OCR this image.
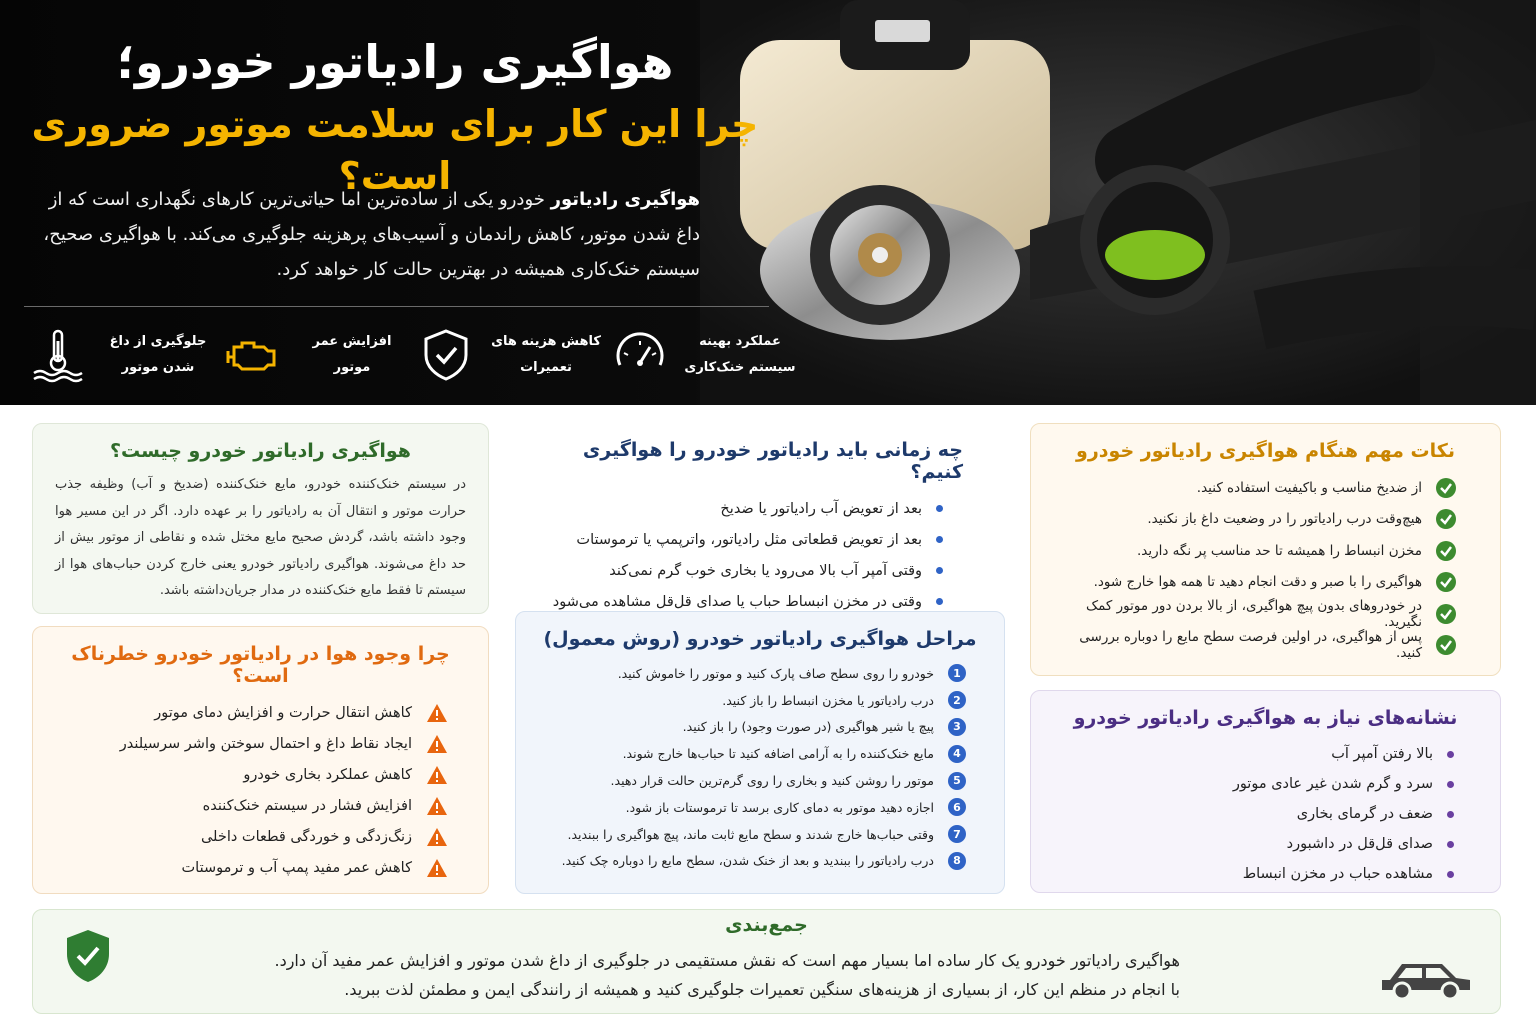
هواگیری رادیاتور خودرو؛
چرا این کار برای سلامت موتور ضروری است؟
هواگیری رادیاتور خودرو یکی از ساده‌ترین اما حیاتی‌ترین کارهای نگهداری است که از داغ شدن موتور، کاهش راندمان و آسیب‌های پرهزینه جلوگیری می‌کند. با هواگیری صحیح، سیستم خنک‌کاری همیشه در بهترین حالت کار خواهد کرد.
عملکرد بهینه سیستم خنک‌کاری
کاهش هزینه های تعمیرات
افزایش عمر موتور
جلوگیری از داغ شدن موتور
هواگیری رادیاتور خودرو چیست؟

در سیستم خنک‌کننده خودرو، مایع خنک‌کننده (ضدیخ و آب) وظیفه جذب حرارت موتور و انتقال آن به رادیاتور را بر عهده دارد. اگر در این مسیر هوا وجود داشته باشد، گردش صحیح مایع مختل شده و نقاطی از موتور بیش از حد داغ می‌شوند. هواگیری رادیاتور خودرو یعنی خارج کردن حباب‌های هوا از سیستم تا فقط مایع خنک‌کننده در مدار جریان‌داشته باشد.

چرا وجود هوا در رادیاتور خودرو خطرناک است؟
کاهش انتقال حرارت و افزایش دمای موتور
ایجاد نقاط داغ و احتمال سوختن واشر سرسیلندر
کاهش عملکرد بخاری خودرو
افزایش فشار در سیستم خنک‌کننده
زنگ‌زدگی و خوردگی قطعات داخلی
کاهش عمر مفید پمپ آب و ترموستات
چه زمانی باید رادیاتور خودرو را هواگیری کنیم؟
بعد از تعویض آب رادیاتور یا ضدیخ
بعد از تعویض قطعاتی مثل رادیاتور، واترپمپ یا ترموستات
وقتی آمپر آب بالا می‌رود یا بخاری خوب گرم نمی‌کند
وقتی در مخزن انبساط حباب یا صدای قل‌قل مشاهده می‌شود
مراحل هواگیری رادیاتور خودرو (روش معمول)
1
خودرو را روی سطح صاف پارک کنید و موتور را خاموش کنید.
2
درب رادیاتور یا مخزن انبساط را باز کنید.
3
پیچ یا شیر هواگیری (در صورت وجود) را باز کنید.
4
مایع خنک‌کننده را به آرامی اضافه کنید تا حباب‌ها خارج شوند.
5
موتور را روشن کنید و بخاری را روی گرم‌ترین حالت قرار دهید.
6
اجازه دهید موتور به دمای کاری برسد تا ترموستات باز شود.
7
وقتی حباب‌ها خارج شدند و سطح مایع ثابت ماند، پیچ هواگیری را ببندید.
8
درب رادیاتور را ببندید و بعد از خنک شدن، سطح مایع را دوباره چک کنید.
نکات مهم هنگام هواگیری رادیاتور خودرو
از ضدیخ مناسب و باکیفیت استفاده کنید.
هیچ‌وقت درب رادیاتور را در وضعیت داغ باز نکنید.
مخزن انبساط را همیشه تا حد مناسب پر نگه دارید.
هواگیری را با صبر و دقت انجام دهید تا همه هوا خارج شود.
در خودروهای بدون پیچ هواگیری، از بالا بردن دور موتور کمک نگیرید.
پس از هواگیری، در اولین فرصت سطح مایع را دوباره بررسی کنید.
نشانه‌های نیاز به هواگیری رادیاتور خودرو
بالا رفتن آمپر آب
سرد و گرم شدن غیر عادی موتور
ضعف در گرمای بخاری
صدای قل‌قل در داشبورد
مشاهده حباب در مخزن انبساط
جمع‌بندی
هواگیری رادیاتور خودرو یک کار ساده اما بسیار مهم است که نقش مستقیمی در جلوگیری از داغ شدن موتور و افزایش عمر مفید آن دارد.
با انجام در منظم این کار، از بسیاری از هزینه‌های سنگین تعمیرات جلوگیری کنید و همیشه از رانندگی ایمن و مطمئن لذت ببرید.
